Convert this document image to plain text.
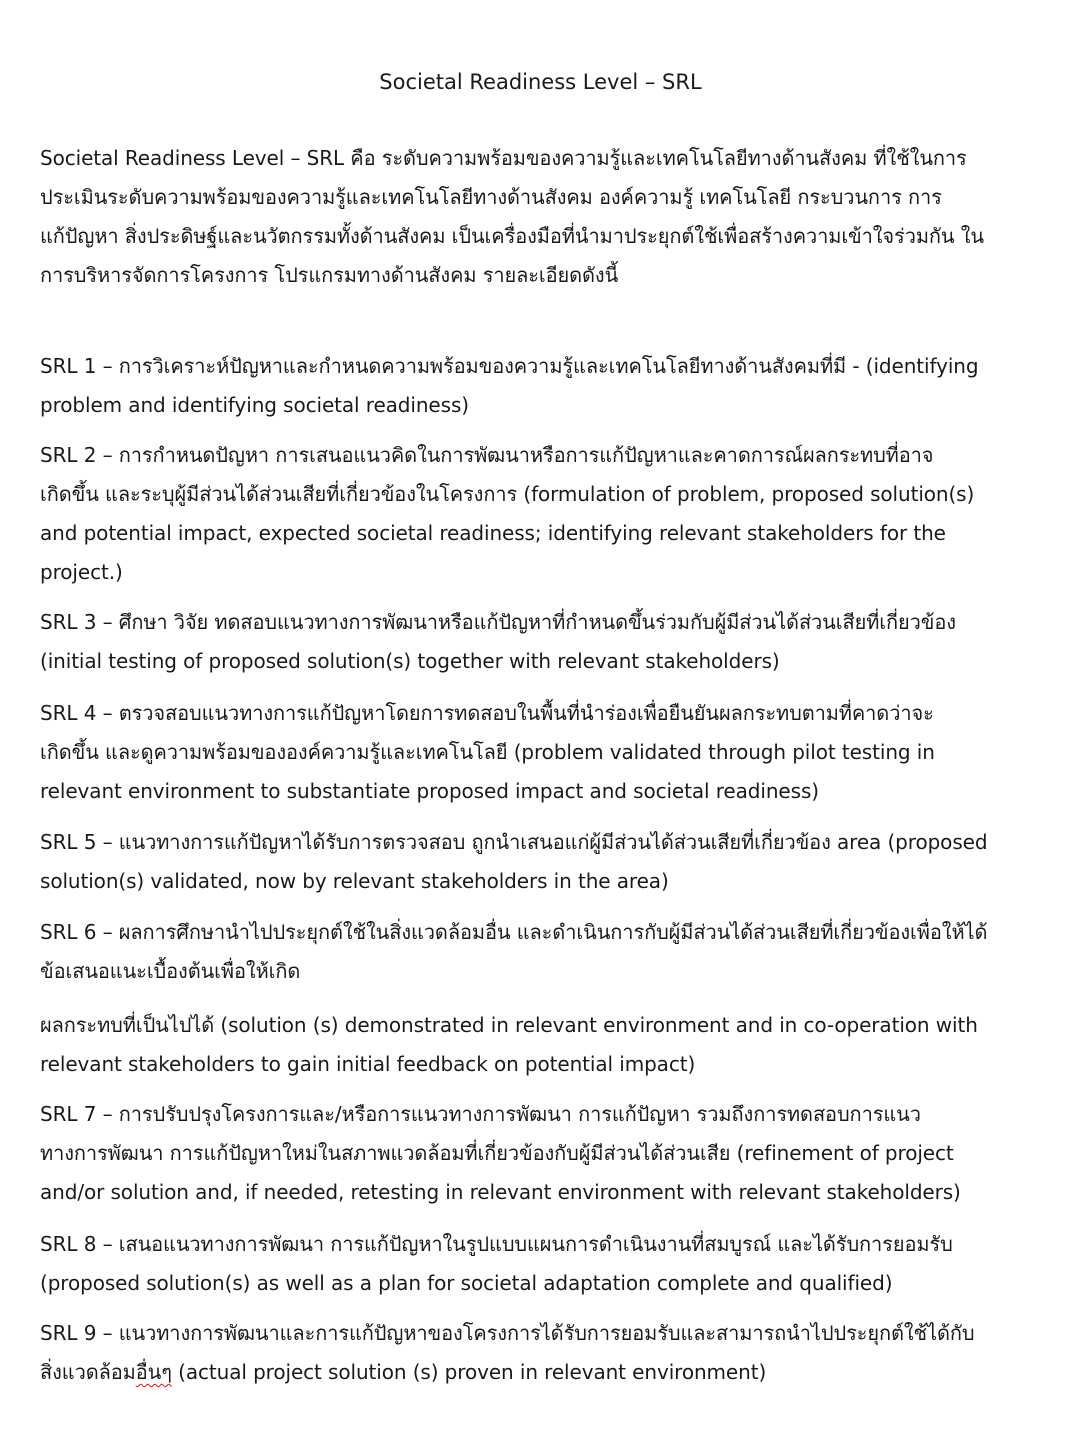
Societal Readiness Level – SRL
Societal Readiness Level – SRL คือ ระดับความพร้อมของความรู้และเทคโนโลยีทางด้านสังคม ที่ใช้ในการ
ประเมินระดับความพร้อมของความรู้และเทคโนโลยีทางด้านสังคม องค์ความรู้ เทคโนโลยี กระบวนการ การ
แก้ปัญหา สิ่งประดิษฐ์และนวัตกรรมทั้งด้านสังคม เป็นเครื่องมือที่นำมาประยุกต์ใช้เพื่อสร้างความเข้าใจร่วมกัน ใน
การบริหารจัดการโครงการ โปรแกรมทางด้านสังคม รายละเอียดดังนี้
SRL 1 – การวิเคราะห์ปัญหาและกำหนดความพร้อมของความรู้และเทคโนโลยีทางด้านสังคมที่มี - (identifying
problem and identifying societal readiness)
SRL 2 – การกำหนดปัญหา การเสนอแนวคิดในการพัฒนาหรือการแก้ปัญหาและคาดการณ์ผลกระทบที่อาจ
เกิดขึ้น และระบุผู้มีส่วนได้ส่วนเสียที่เกี่ยวข้องในโครงการ (formulation of problem, proposed solution(s)
and potential impact, expected societal readiness; identifying relevant stakeholders for the
project.)
SRL 3 – ศึกษา วิจัย ทดสอบแนวทางการพัฒนาหรือแก้ปัญหาที่กำหนดขึ้นร่วมกับผู้มีส่วนได้ส่วนเสียที่เกี่ยวข้อง
(initial testing of proposed solution(s) together with relevant stakeholders)
SRL 4 – ตรวจสอบแนวทางการแก้ปัญหาโดยการทดสอบในพื้นที่นำร่องเพื่อยืนยันผลกระทบตามที่คาดว่าจะ
เกิดขึ้น และดูความพร้อมขององค์ความรู้และเทคโนโลยี (problem validated through pilot testing in
relevant environment to substantiate proposed impact and societal readiness)
SRL 5 – แนวทางการแก้ปัญหาได้รับการตรวจสอบ ถูกนำเสนอแก่ผู้มีส่วนได้ส่วนเสียที่เกี่ยวข้อง area (proposed
solution(s) validated, now by relevant stakeholders in the area)
SRL 6 – ผลการศึกษานำไปประยุกต์ใช้ในสิ่งแวดล้อมอื่น และดำเนินการกับผู้มีส่วนได้ส่วนเสียที่เกี่ยวข้องเพื่อให้ได้
ข้อเสนอแนะเบื้องต้นเพื่อให้เกิด
ผลกระทบที่เป็นไปได้ (solution (s) demonstrated in relevant environment and in co-operation with
relevant stakeholders to gain initial feedback on potential impact)
SRL 7 – การปรับปรุงโครงการและ/หรือการแนวทางการพัฒนา การแก้ปัญหา รวมถึงการทดสอบการแนว
ทางการพัฒนา การแก้ปัญหาใหม่ในสภาพแวดล้อมที่เกี่ยวข้องกับผู้มีส่วนได้ส่วนเสีย (refinement of project
and/or solution and, if needed, retesting in relevant environment with relevant stakeholders)
SRL 8 – เสนอแนวทางการพัฒนา การแก้ปัญหาในรูปแบบแผนการดำเนินงานที่สมบูรณ์ และได้รับการยอมรับ
(proposed solution(s) as well as a plan for societal adaptation complete and qualified)
SRL 9 – แนวทางการพัฒนาและการแก้ปัญหาของโครงการได้รับการยอมรับและสามารถนำไปประยุกต์ใช้ได้กับ
สิ่งแวดล้อมอื่นๆ (actual project solution (s) proven in relevant environment)
